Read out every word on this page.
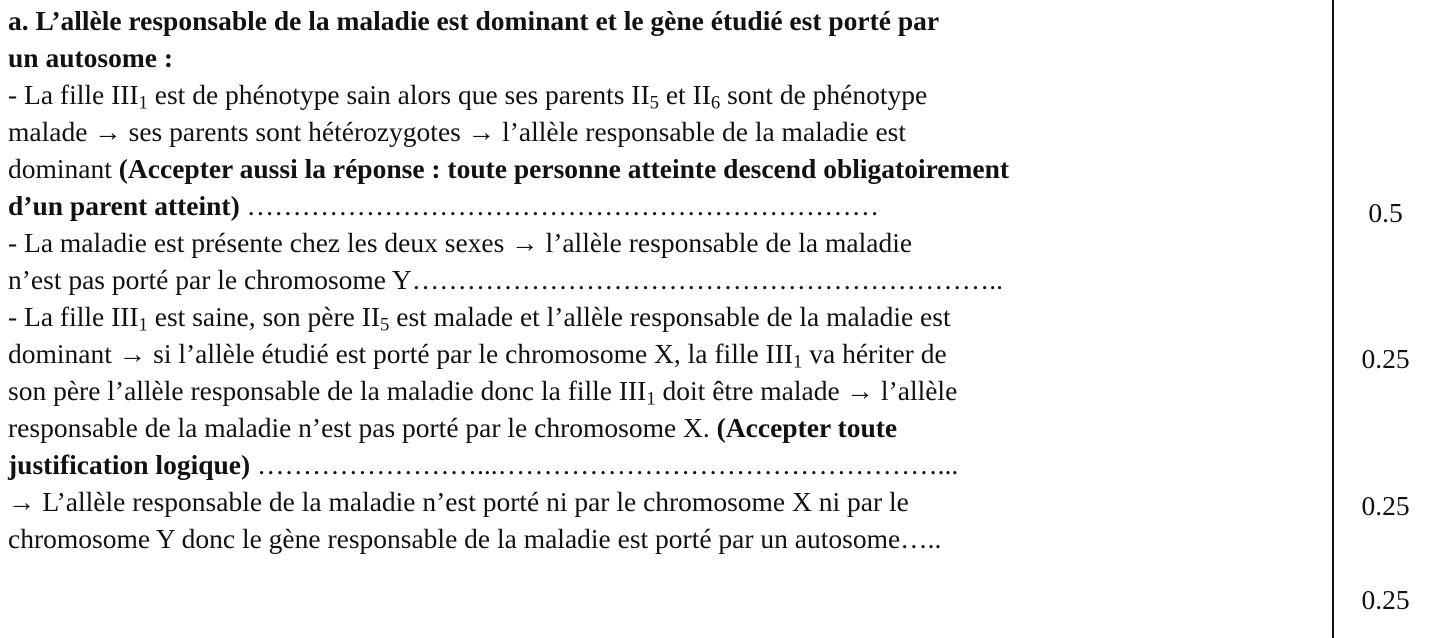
a. L’allèle responsable de la maladie est dominant et le gène étudié est porté par
un autosome :
- La fille $III_1$ est de phénotype sain alors que ses parents $II_5$ et $II_6$ sont de phénotype
malade → ses parents sont hétérozygotes → l’allèle responsable de la maladie est
dominant (Accepter aussi la réponse : toute personne atteinte descend obligatoirement
d’un parent atteint) ……………………………………………………………
- La maladie est présente chez les deux sexes → l’allèle responsable de la maladie
n’est pas porté par le chromosome Y………………………………………………………..
- La fille $III_1$ est saine, son père $II_5$ est malade et l’allèle responsable de la maladie est
dominant → si l’allèle étudié est porté par le chromosome X, la fille $III_1$ va hériter de
son père l’allèle responsable de la maladie donc la fille $III_1$ doit être malade → l’allèle
responsable de la maladie n’est pas porté par le chromosome X. (Accepter toute
justification logique) ……………………...…………………………………………...
→ L’allèle responsable de la maladie n’est porté ni par le chromosome X ni par le
chromosome Y donc le gène responsable de la maladie est porté par un autosome…..
0.5
0.25
0.25
0.25
